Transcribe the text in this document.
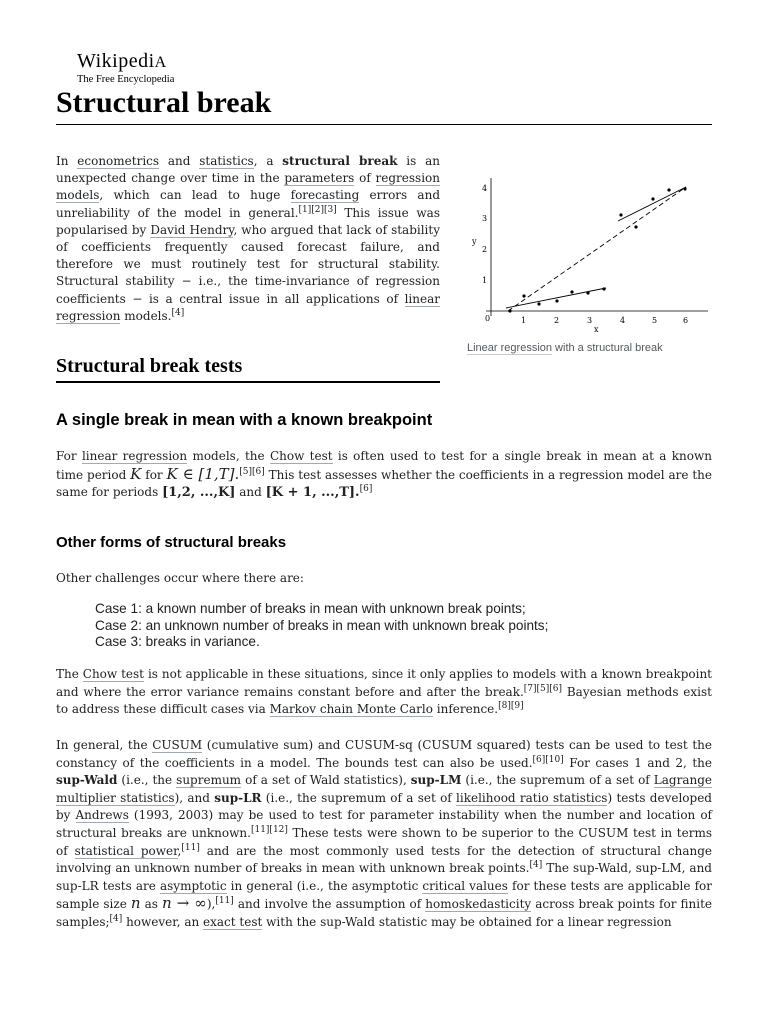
WikipediA
The Free Encyclopedia
Structural break

In econometrics and statistics, a structural break is an unexpected change over time in the parameters of regression models, which can lead to huge forecasting errors and unreliability of the model in general.[1][2][3] This issue was popularised by David Hendry, who argued that lack of stability of coefficients frequently caused forecast failure, and therefore we must routinely test for structural stability. Structural stability − i.e., the time-invariance of regression coefficients − is a central issue in all applications of linear regression models.[4]

1
2
3
4
y
0	1	2	3	4	5	6
x
Linear regression with a structural break
Structural break tests
A single break in mean with a known breakpoint

For linear regression models, the Chow test is often used to test for a single break in mean at a known time period K for K ∈ [1,T].[5][6] This test assesses whether the coefficients in a regression model are the same for periods [1,2, ...,K] and [K + 1, ...,T].[6]

Other forms of structural breaks

Other challenges occur where there are:

Case 1: a known number of breaks in mean with unknown break points;
Case 2: an unknown number of breaks in mean with unknown break points;
Case 3: breaks in variance.

The Chow test is not applicable in these situations, since it only applies to models with a known breakpoint and where the error variance remains constant before and after the break.[7][5][6] Bayesian methods exist to address these difficult cases via Markov chain Monte Carlo inference.[8][9]

In general, the CUSUM (cumulative sum) and CUSUM-sq (CUSUM squared) tests can be used to test the constancy of the coefficients in a model. The bounds test can also be used.[6][10] For cases 1 and 2, the sup-Wald (i.e., the supremum of a set of Wald statistics), sup-LM (i.e., the supremum of a set of Lagrange multiplier statistics), and sup-LR (i.e., the supremum of a set of likelihood ratio statistics) tests developed by Andrews (1993, 2003) may be used to test for parameter instability when the number and location of structural breaks are unknown.[11][12] These tests were shown to be superior to the CUSUM test in terms of statistical power,[11] and are the most commonly used tests for the detection of structural change involving an unknown number of breaks in mean with unknown break points.[4] The sup-Wald, sup-LM, and sup-LR tests are asymptotic in general (i.e., the asymptotic critical values for these tests are applicable for sample size n as n → ∞),[11] and involve the assumption of homoskedasticity across break points for finite samples;[4] however, an exact test with the sup-Wald statistic may be obtained for a linear regression
